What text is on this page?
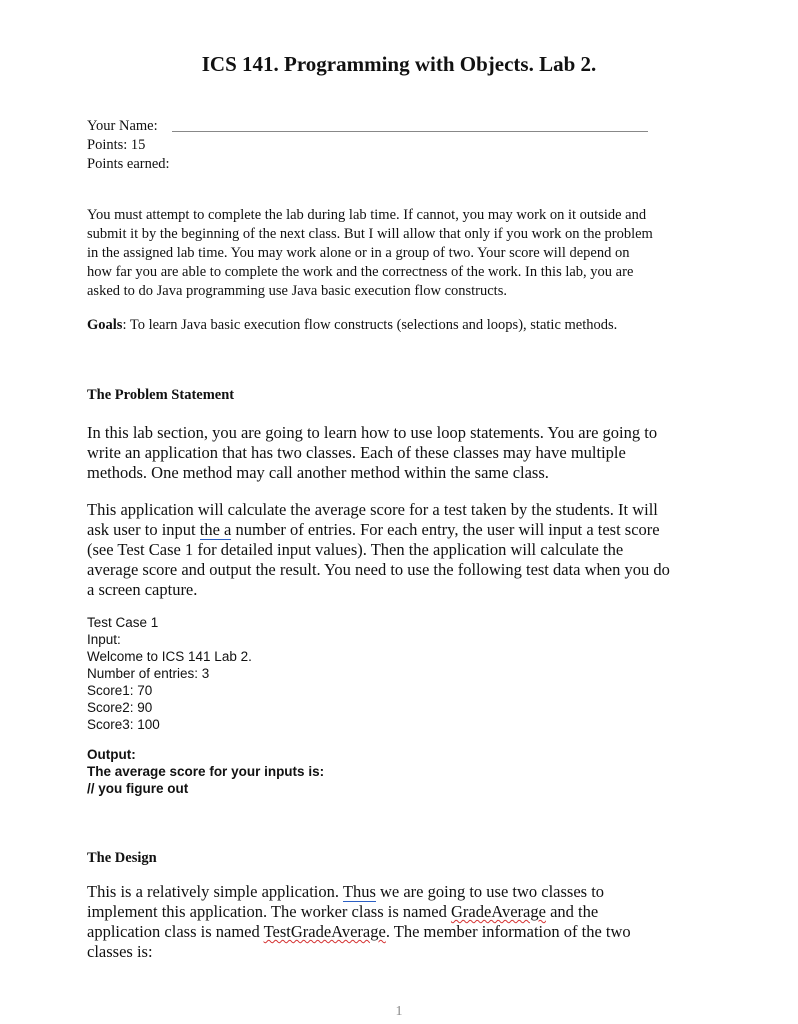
ICS 141. Programming with Objects. Lab 2.
Your Name:
Points: 15
Points earned:
You must attempt to complete the lab during lab time. If cannot, you may work on it outside and
submit it by the beginning of the next class. But I will allow that only if you work on the problem
in the assigned lab time. You may work alone or in a group of two. Your score will depend on
how far you are able to complete the work and the correctness of the work. In this lab, you are
asked to do Java programming use Java basic execution flow constructs.
Goals: To learn Java basic execution flow constructs (selections and loops), static methods.
The Problem Statement
In this lab section, you are going to learn how to use loop statements. You are going to
write an application that has two classes. Each of these classes may have multiple
methods. One method may call another method within the same class.
This application will calculate the average score for a test taken by the students. It will
ask user to input the a number of entries. For each entry, the user will input a test score
(see Test Case 1 for detailed input values). Then the application will calculate the
average score and output the result. You need to use the following test data when you do
a screen capture.
Test Case 1
Input:
Welcome to ICS 141 Lab 2.
Number of entries: 3
Score1: 70
Score2: 90
Score3: 100
Output:
The average score for your inputs is:
// you figure out
The Design
This is a relatively simple application. Thus we are going to use two classes to
implement this application. The worker class is named GradeAverage and the
application class is named TestGradeAverage. The member information of the two
classes is:
1
